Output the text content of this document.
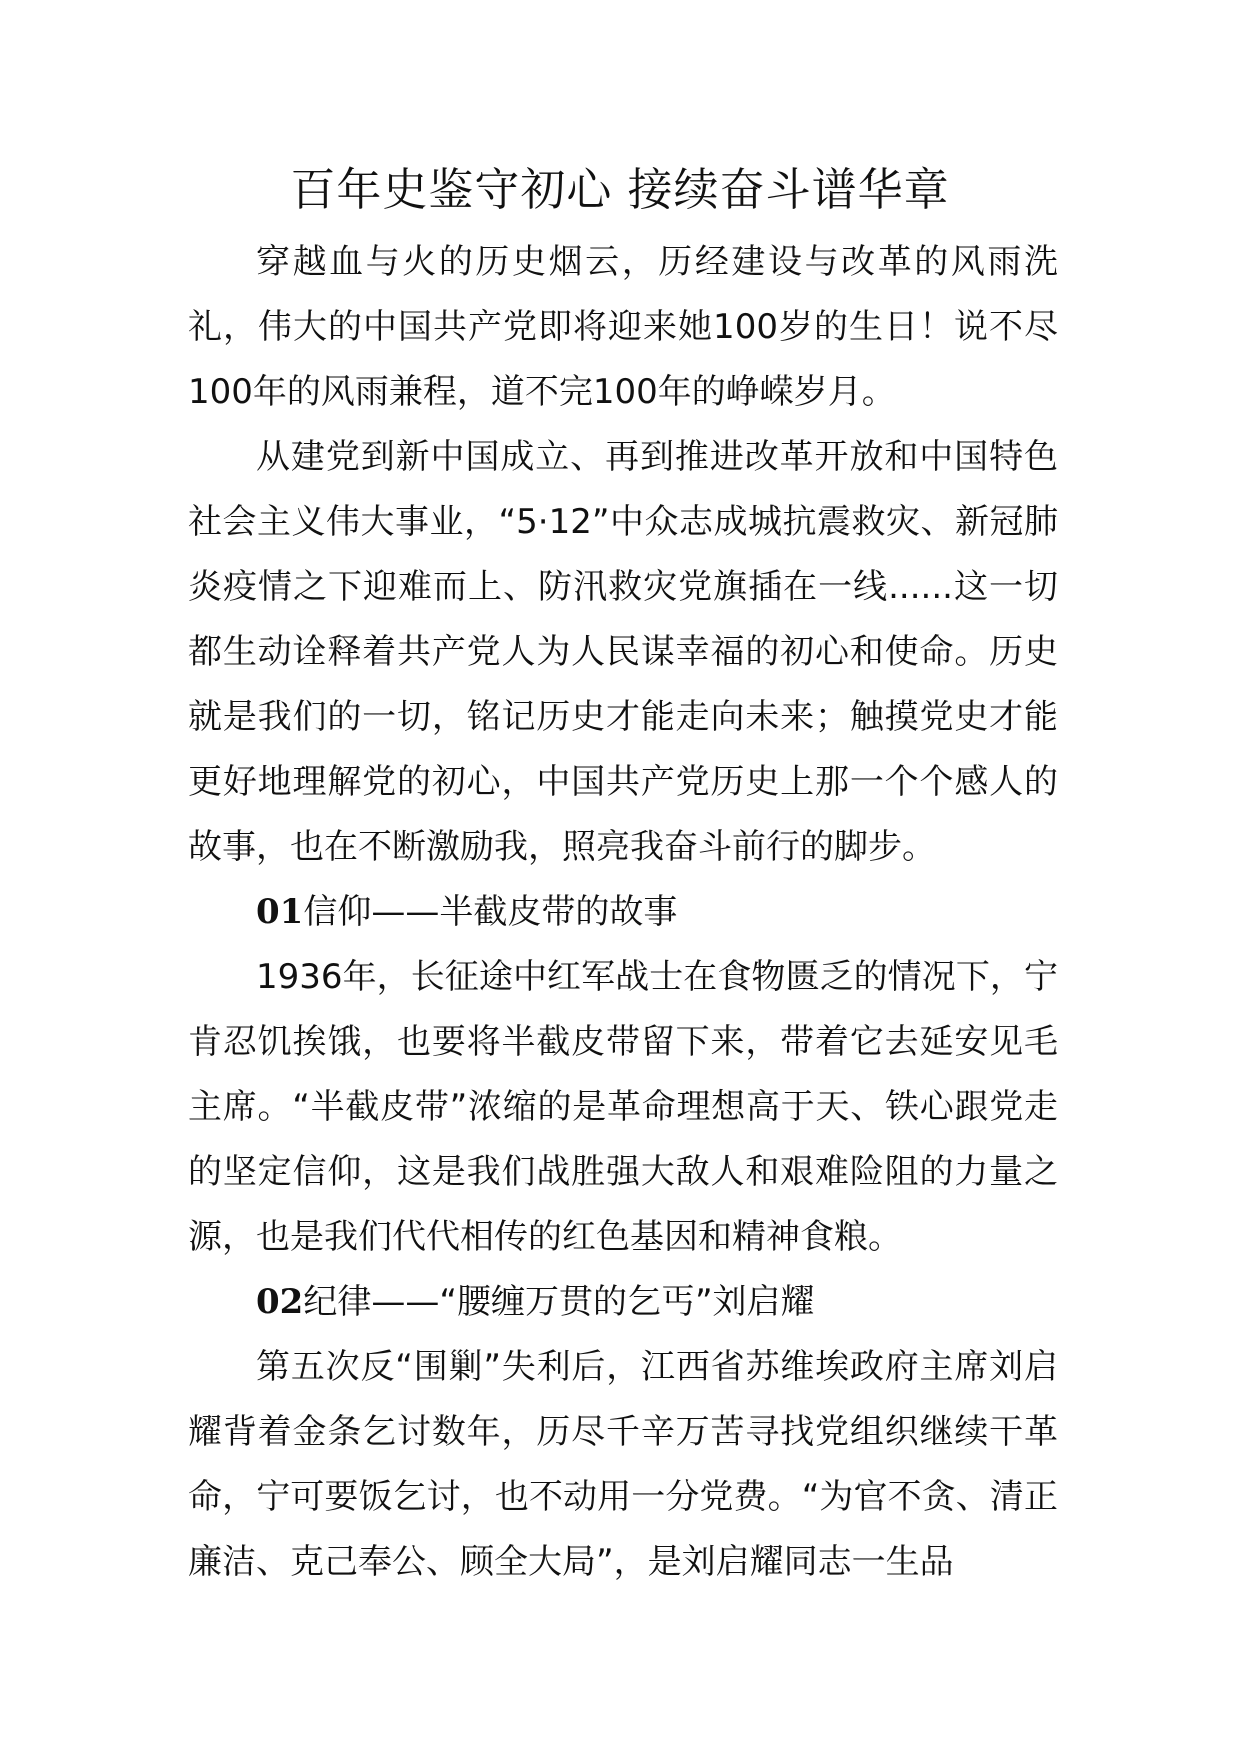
百年史鉴守初心 接续奋斗谱华章

穿越血与火的历史烟云，历经建设与改革的风雨洗礼，伟大的中国共产党即将迎来她100岁的生日！说不尽100年的风雨兼程，道不完100年的峥嵘岁月。

从建党到新中国成立、再到推进改革开放和中国特色社会主义伟大事业，“5·12”中众志成城抗震救灾、新冠肺炎疫情之下迎难而上、防汛救灾党旗插在一线......这一切都生动诠释着共产党人为人民谋幸福的初心和使命。历史就是我们的一切，铭记历史才能走向未来；触摸党史才能更好地理解党的初心，中国共产党历史上那一个个感人的故事，也在不断激励我，照亮我奋斗前行的脚步。

01信仰——半截皮带的故事

1936年，长征途中红军战士在食物匮乏的情况下，宁肯忍饥挨饿，也要将半截皮带留下来，带着它去延安见毛主席。“半截皮带”浓缩的是革命理想高于天、铁心跟党走的坚定信仰，这是我们战胜强大敌人和艰难险阻的力量之源，也是我们代代相传的红色基因和精神食粮。

02纪律——“腰缠万贯的乞丐”刘启耀

第五次反“围剿”失利后，江西省苏维埃政府主席刘启耀背着金条乞讨数年，历尽千辛万苦寻找党组织继续干革命，宁可要饭乞讨，也不动用一分党费。“为官不贪、清正廉洁、克己奉公、顾全大局”，是刘启耀同志一生品
